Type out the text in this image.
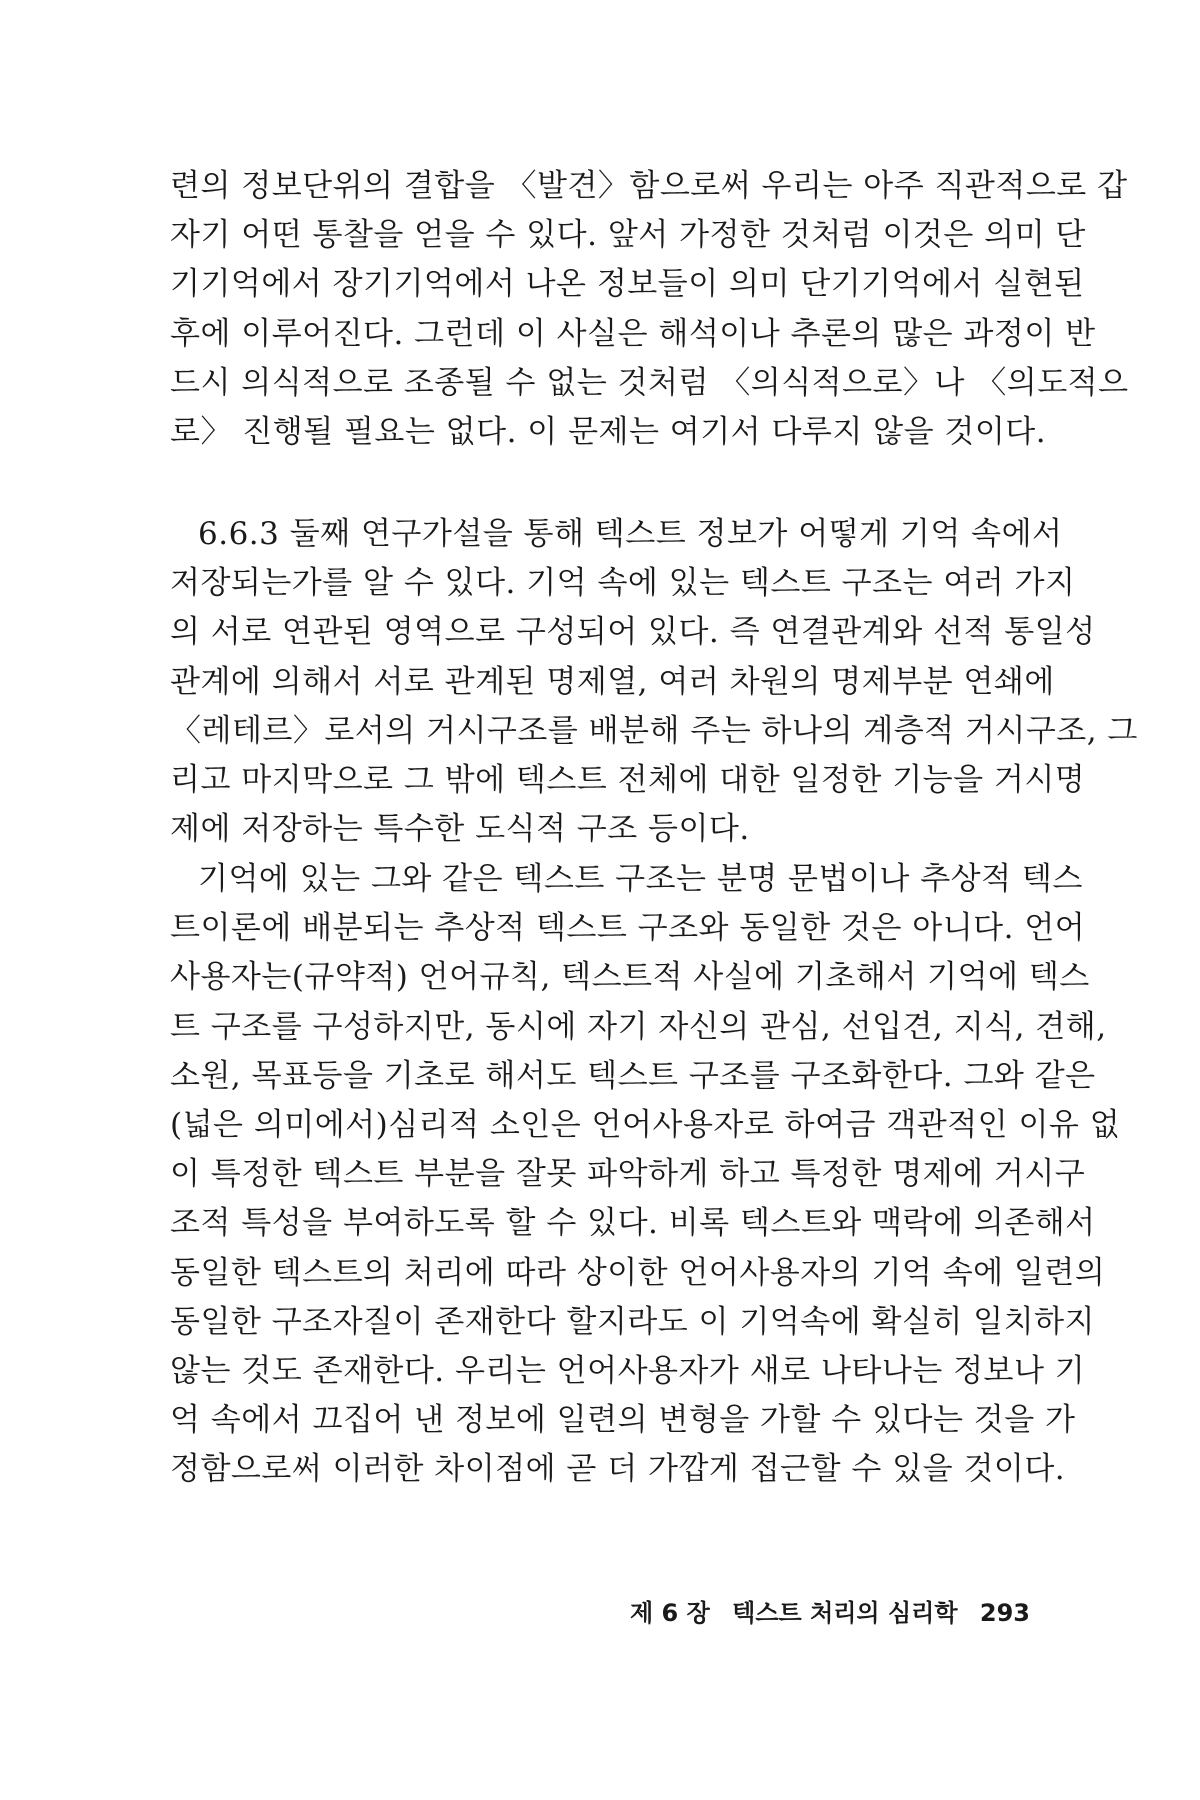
련의 정보단위의 결합을 〈발견〉함으로써 우리는 아주 직관적으로 갑
자기 어떤 통찰을 얻을 수 있다. 앞서 가정한 것처럼 이것은 의미 단
기기억에서 장기기억에서 나온 정보들이 의미 단기기억에서 실현된
후에 이루어진다. 그런데 이 사실은 해석이나 추론의 많은 과정이 반
드시 의식적으로 조종될 수 없는 것처럼 〈의식적으로〉나 〈의도적으
로〉 진행될 필요는 없다. 이 문제는 여기서 다루지 않을 것이다.
6.6.3 둘째 연구가설을 통해 텍스트 정보가 어떻게 기억 속에서
저장되는가를 알 수 있다. 기억 속에 있는 텍스트 구조는 여러 가지
의 서로 연관된 영역으로 구성되어 있다. 즉 연결관계와 선적 통일성
관계에 의해서 서로 관계된 명제열, 여러 차원의 명제부분 연쇄에
〈레테르〉로서의 거시구조를 배분해 주는 하나의 계층적 거시구조, 그
리고 마지막으로 그 밖에 텍스트 전체에 대한 일정한 기능을 거시명
제에 저장하는 특수한 도식적 구조 등이다.
기억에 있는 그와 같은 텍스트 구조는 분명 문법이나 추상적 텍스
트이론에 배분되는 추상적 텍스트 구조와 동일한 것은 아니다. 언어
사용자는(규약적) 언어규칙, 텍스트적 사실에 기초해서 기억에 텍스
트 구조를 구성하지만, 동시에 자기 자신의 관심, 선입견, 지식, 견해,
소원, 목표등을 기초로 해서도 텍스트 구조를 구조화한다. 그와 같은
(넓은 의미에서)심리적 소인은 언어사용자로 하여금 객관적인 이유 없
이 특정한 텍스트 부분을 잘못 파악하게 하고 특정한 명제에 거시구
조적 특성을 부여하도록 할 수 있다. 비록 텍스트와 맥락에 의존해서
동일한 텍스트의 처리에 따라 상이한 언어사용자의 기억 속에 일련의
동일한 구조자질이 존재한다 할지라도 이 기억속에 확실히 일치하지
않는 것도 존재한다. 우리는 언어사용자가 새로 나타나는 정보나 기
억 속에서 끄집어 낸 정보에 일련의 변형을 가할 수 있다는 것을 가
정함으로써 이러한 차이점에 곧 더 가깝게 접근할 수 있을 것이다.
제 6 장 텍스트 처리의 심리학 293
